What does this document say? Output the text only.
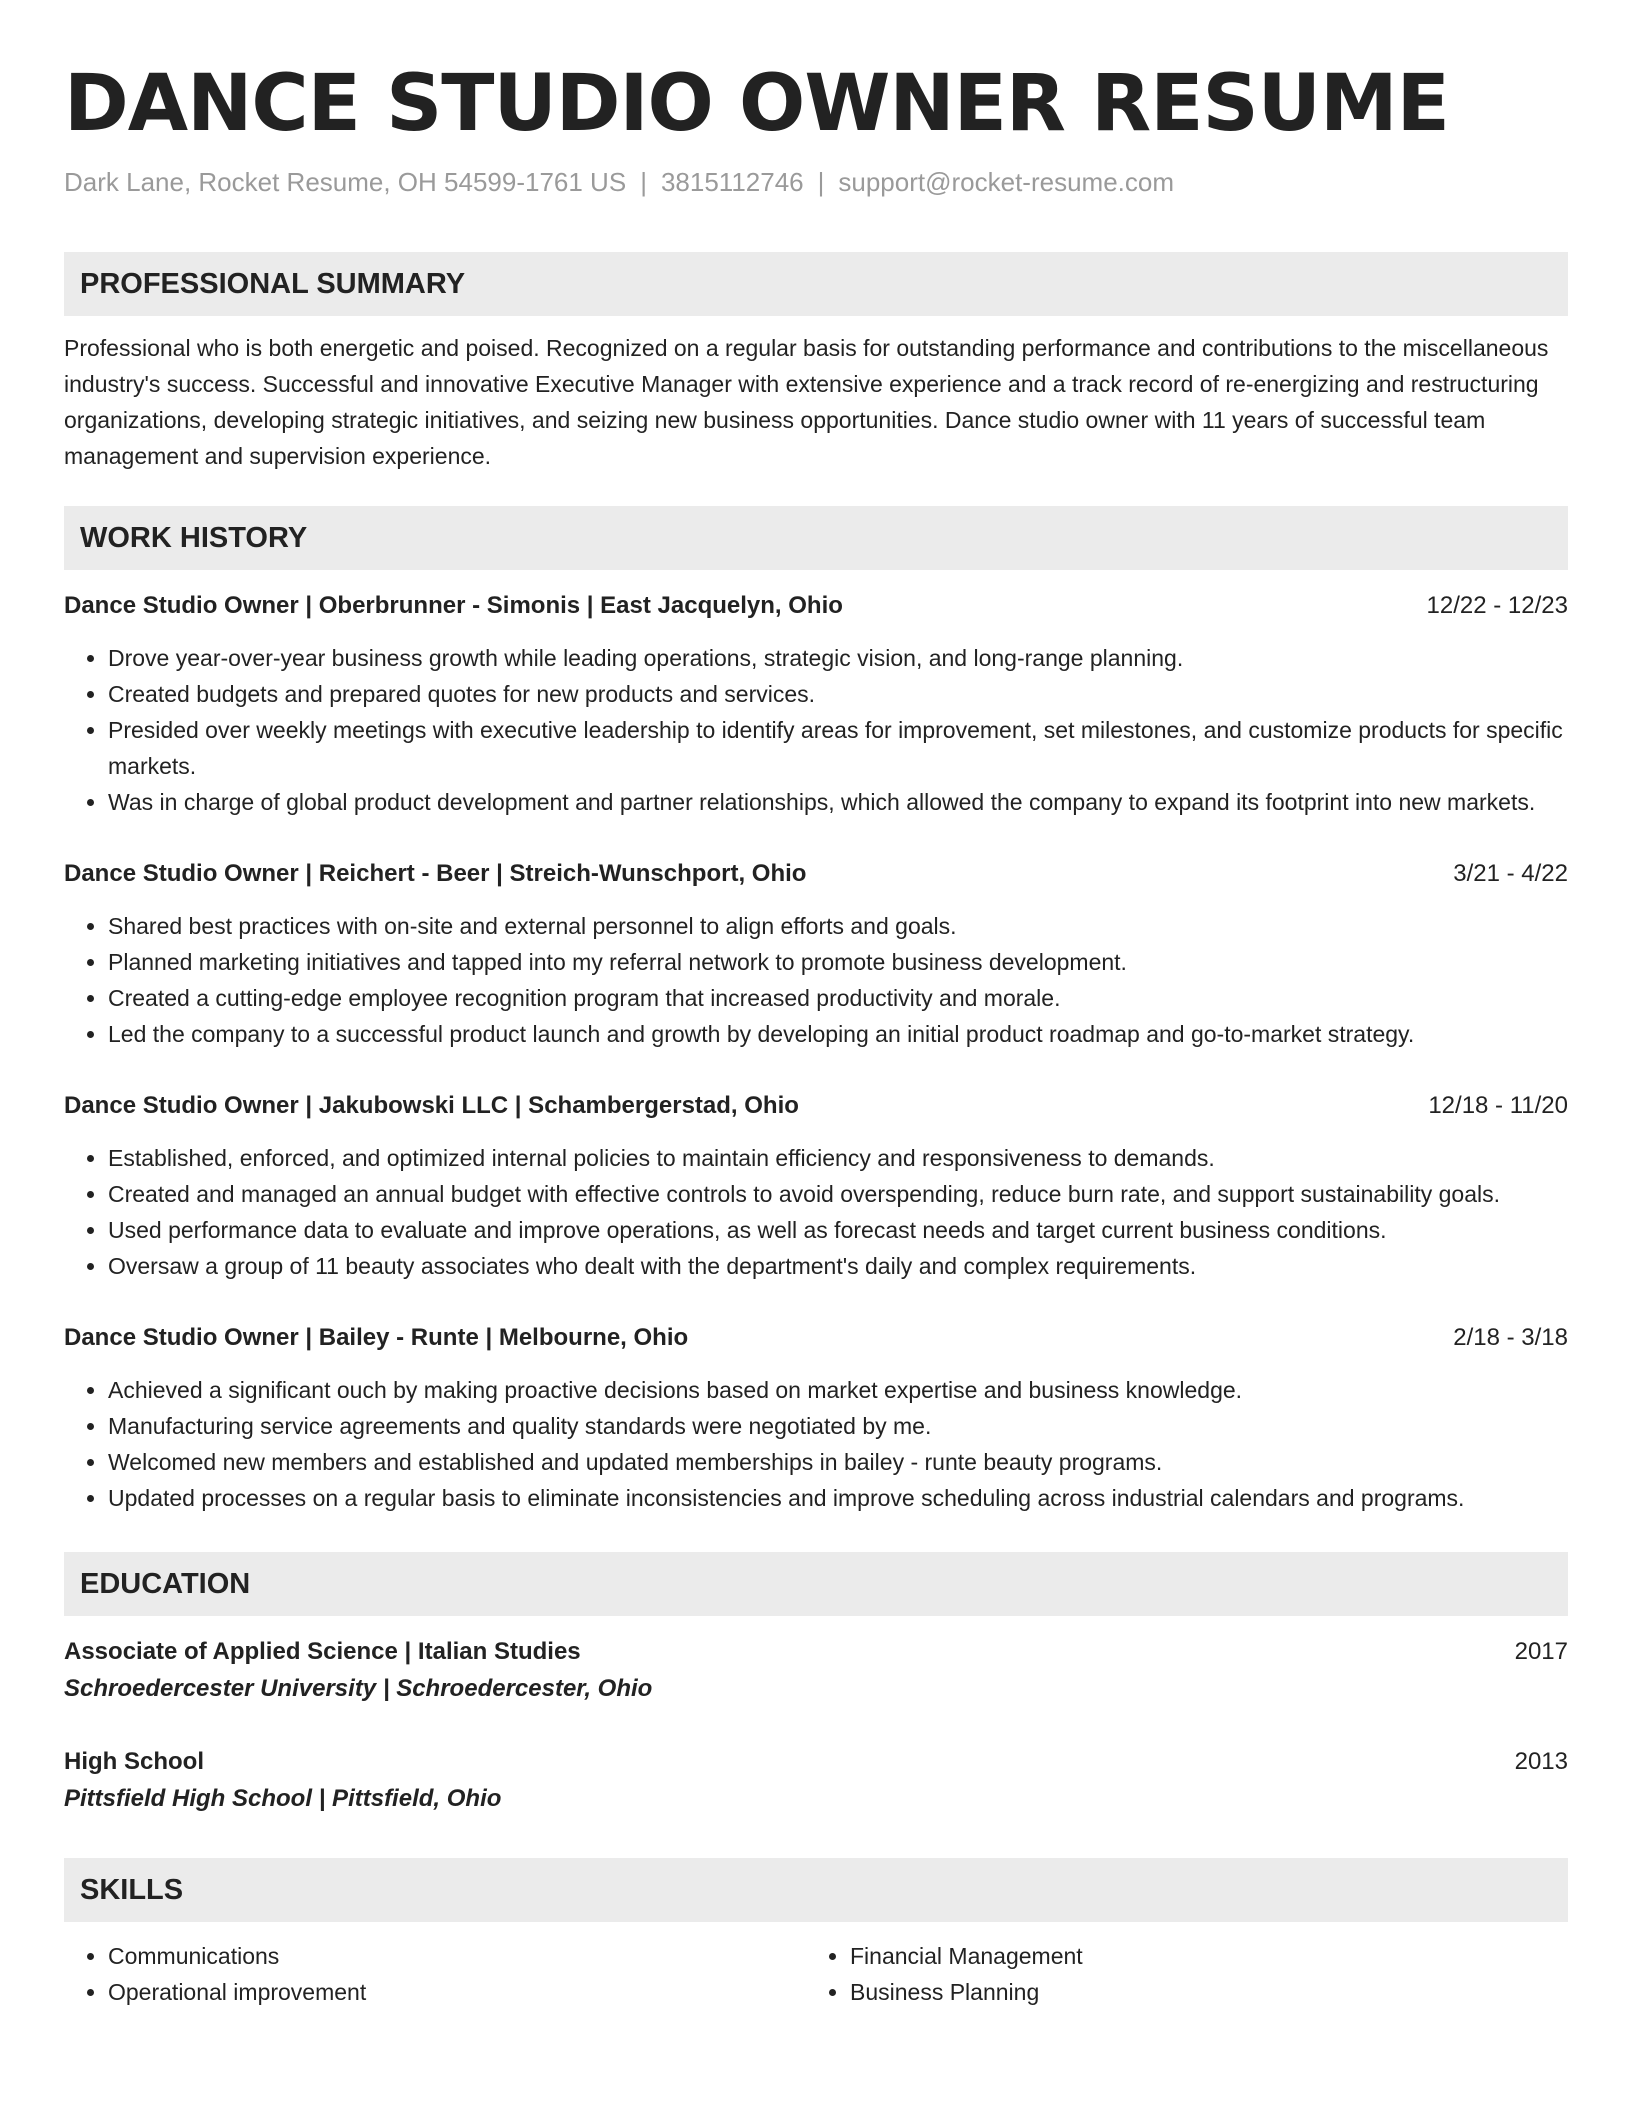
DANCE STUDIO OWNER RESUME
Dark Lane, Rocket Resume, OH 54599-1761 US | 3815112746 | support@rocket-resume.com
PROFESSIONAL SUMMARY
Professional who is both energetic and poised. Recognized on a regular basis for outstanding performance and contributions to the miscellaneous industry's success. Successful and innovative Executive Manager with extensive experience and a track record of re-energizing and restructuring organizations, developing strategic initiatives, and seizing new business opportunities. Dance studio owner with 11 years of successful team management and supervision experience.
WORK HISTORY
Dance Studio Owner | Oberbrunner - Simonis | East Jacquelyn, Ohio	12/22 - 12/23
• Drove year-over-year business growth while leading operations, strategic vision, and long-range planning.
• Created budgets and prepared quotes for new products and services.
• Presided over weekly meetings with executive leadership to identify areas for improvement, set milestones, and customize products for specific markets.
• Was in charge of global product development and partner relationships, which allowed the company to expand its footprint into new markets.
Dance Studio Owner | Reichert - Beer | Streich-Wunschport, Ohio	3/21 - 4/22
• Shared best practices with on-site and external personnel to align efforts and goals.
• Planned marketing initiatives and tapped into my referral network to promote business development.
• Created a cutting-edge employee recognition program that increased productivity and morale.
• Led the company to a successful product launch and growth by developing an initial product roadmap and go-to-market strategy.
Dance Studio Owner | Jakubowski LLC | Schambergerstad, Ohio	12/18 - 11/20
• Established, enforced, and optimized internal policies to maintain efficiency and responsiveness to demands.
• Created and managed an annual budget with effective controls to avoid overspending, reduce burn rate, and support sustainability goals.
• Used performance data to evaluate and improve operations, as well as forecast needs and target current business conditions.
• Oversaw a group of 11 beauty associates who dealt with the department's daily and complex requirements.
Dance Studio Owner | Bailey - Runte | Melbourne, Ohio	2/18 - 3/18
• Achieved a significant ouch by making proactive decisions based on market expertise and business knowledge.
• Manufacturing service agreements and quality standards were negotiated by me.
• Welcomed new members and established and updated memberships in bailey - runte beauty programs.
• Updated processes on a regular basis to eliminate inconsistencies and improve scheduling across industrial calendars and programs.
EDUCATION
Associate of Applied Science | Italian Studies	2017
Schroedercester University | Schroedercester, Ohio
High School	2013
Pittsfield High School | Pittsfield, Ohio
SKILLS
• Communications
• Operational improvement
• Financial Management
• Business Planning
